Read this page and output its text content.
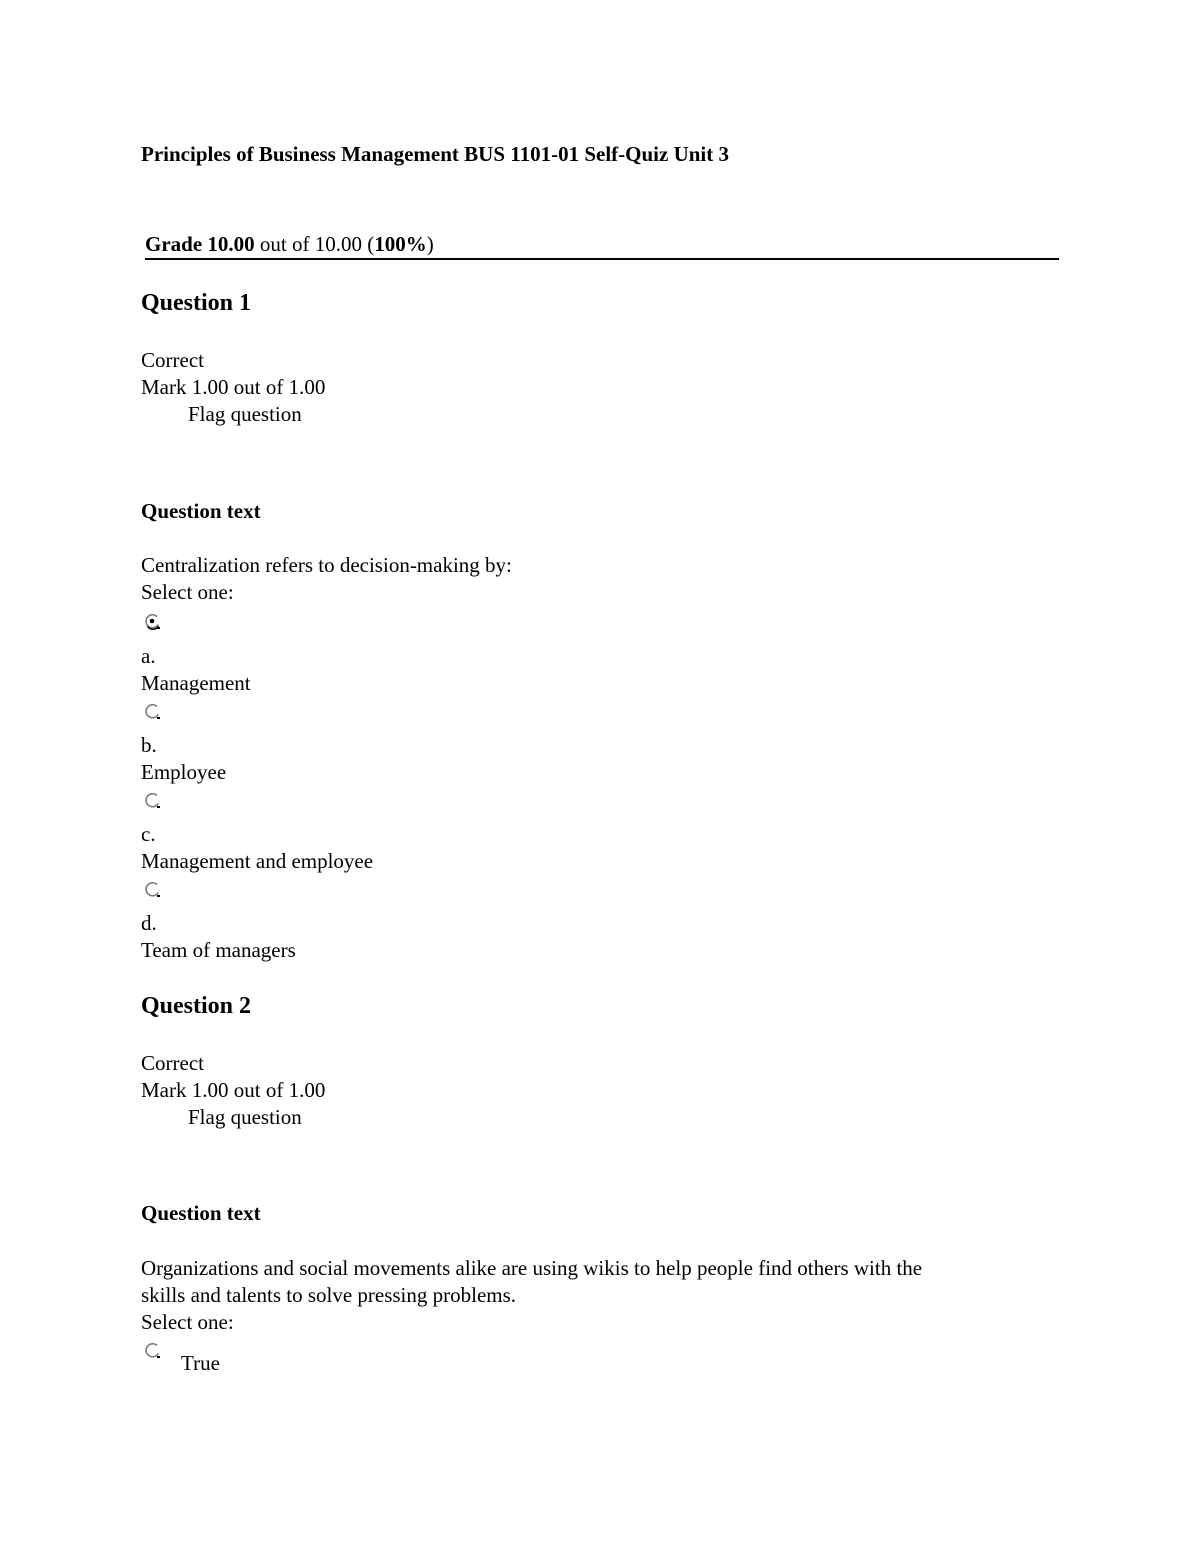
Principles of Business Management BUS 1101-01 Self-Quiz Unit 3
Grade 10.00 out of 10.00 (100%)
Question 1
Correct
Mark 1.00 out of 1.00
Flag question
Question text
Centralization refers to decision-making by:
Select one:
a.
Management
b.
Employee
c.
Management and employee
d.
Team of managers
Question 2
Correct
Mark 1.00 out of 1.00
Flag question
Question text
Organizations and social movements alike are using wikis to help people find others with the
skills and talents to solve pressing problems.
Select one:
True
